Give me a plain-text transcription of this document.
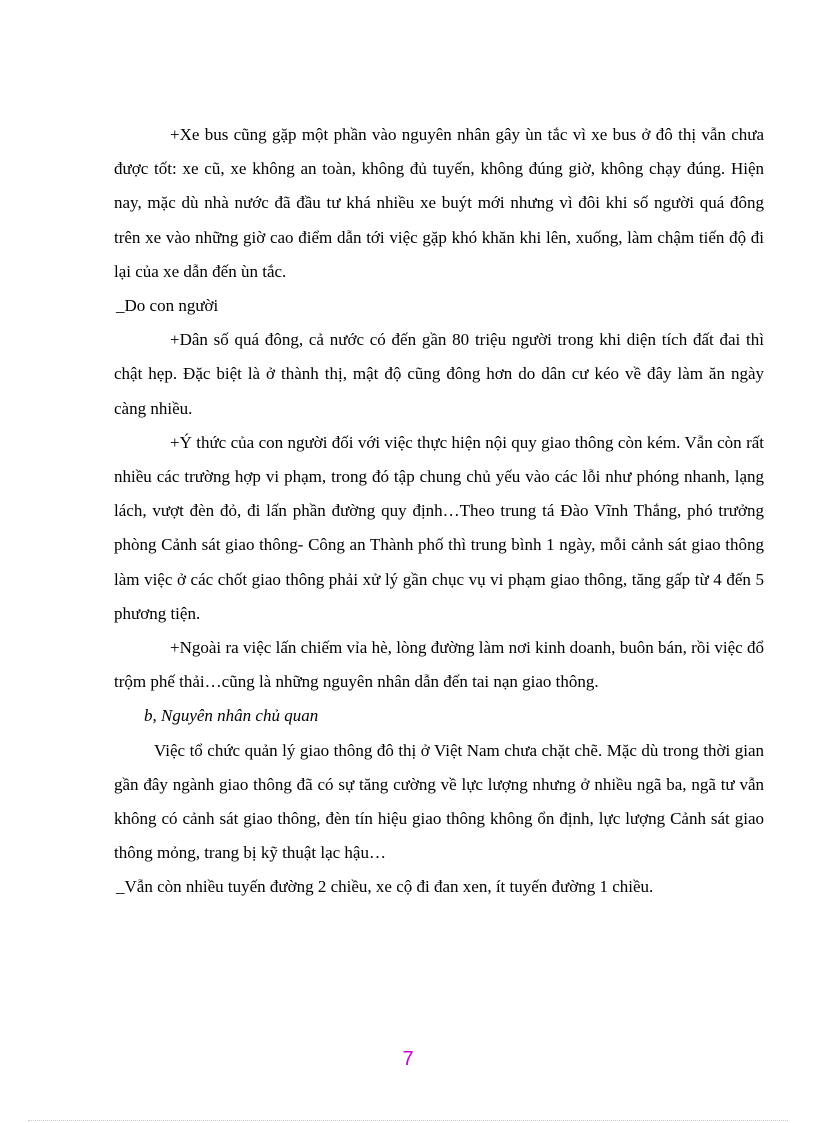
+Xe bus cũng gặp một phần vào nguyên nhân gây ùn tắc vì xe bus ở đô thị vẫn chưa được tốt: xe cũ, xe không an toàn, không đủ tuyến, không đúng giờ, không chạy đúng. Hiện nay, mặc dù nhà nước đã đầu tư khá nhiều xe buýt mới nhưng vì đôi khi số người quá đông trên xe vào những giờ cao điểm dẫn tới việc gặp khó khăn khi lên, xuống, làm chậm tiến độ đi lại của xe dẫn đến ùn tắc.

_Do con người

+Dân số quá đông, cả nước có đến gần 80 triệu người trong khi diện tích đất đai thì chật hẹp. Đặc biệt là ở thành thị, mật độ cũng đông hơn do dân cư kéo về đây làm ăn ngày càng nhiều.

+Ý thức của con người đối với việc thực hiện nội quy giao thông còn kém. Vẫn còn rất nhiều các trường hợp vi phạm, trong đó tập chung chủ yếu vào các lỗi như phóng nhanh, lạng lách, vượt đèn đỏ, đi lấn phần đường quy định…Theo trung tá Đào Vĩnh Thắng, phó trưởng phòng Cảnh sát giao thông- Công an Thành phố thì trung bình 1 ngày, mỗi cảnh sát giao thông làm việc ở các chốt giao thông phải xử lý gần chục vụ vi phạm giao thông, tăng gấp từ 4 đến 5 phương tiện.

+Ngoài ra việc lấn chiếm vỉa hè, lòng đường làm nơi kinh doanh, buôn bán, rồi việc đổ trộm phế thải…cũng là những nguyên nhân dẫn đến tai nạn giao thông.

b, Nguyên nhân chủ quan

Việc tổ chức quản lý giao thông đô thị ở Việt Nam chưa chặt chẽ. Mặc dù trong thời gian gần đây ngành giao thông đã có sự tăng cường về lực lượng nhưng ở nhiều ngã ba, ngã tư vẫn không có cảnh sát giao thông, đèn tín hiệu giao thông không ổn định, lực lượng Cảnh sát giao thông mỏng, trang bị kỹ thuật lạc hậu…

_Vẫn còn nhiều tuyến đường 2 chiều, xe cộ đi đan xen, ít tuyến đường 1 chiều.

7
